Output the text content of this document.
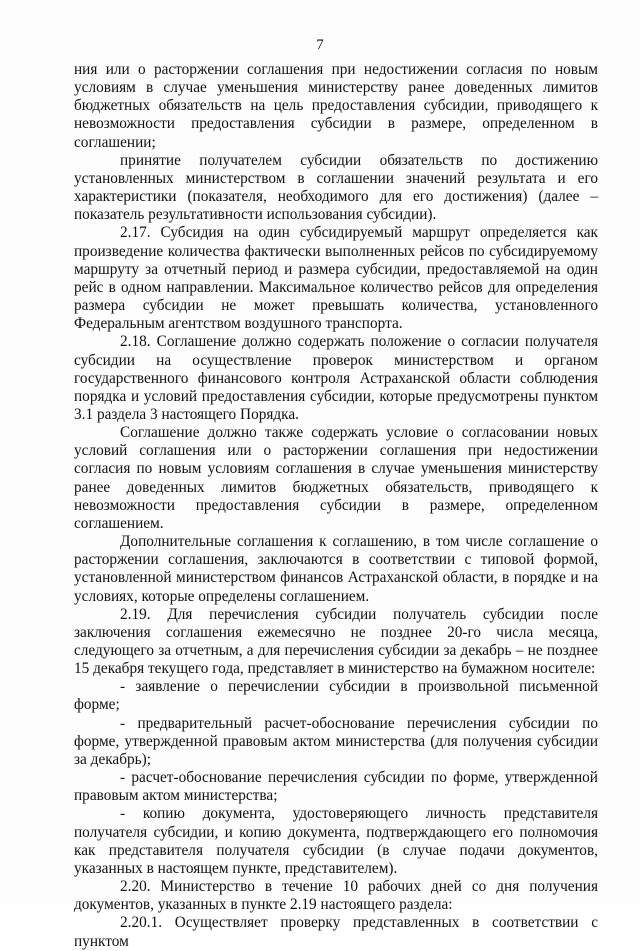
7

ния или о расторжении соглашения при недостижении согласия по новым условиям в случае уменьшения министерству ранее доведенных лимитов бюджетных обязательств на цель предоставления субсидии, приводящего к невозможности предоставления субсидии в размере, определенном в соглашении;

принятие получателем субсидии обязательств по достижению установленных министерством в соглашении значений результата и его характеристики (показателя, необходимого для его достижения) (далее – показатель результативности использования субсидии).

2.17. Субсидия на один субсидируемый маршрут определяется как произведение количества фактически выполненных рейсов по субсидируемому маршруту за отчетный период и размера субсидии, предоставляемой на один рейс в одном направлении. Максимальное количество рейсов для определения размера субсидии не может превышать количества, установленного Федеральным агентством воздушного транспорта.

2.18. Соглашение должно содержать положение о согласии получателя субсидии на осуществление проверок министерством и органом государственного финансового контроля Астраханской области соблюдения порядка и условий предоставления субсидии, которые предусмотрены пунктом 3.1 раздела 3 настоящего Порядка.

Соглашение должно также содержать условие о согласовании новых условий соглашения или о расторжении соглашения при недостижении согласия по новым условиям соглашения в случае уменьшения министерству ранее доведенных лимитов бюджетных обязательств, приводящего к невозможности предоставления субсидии в размере, определенном соглашением.

Дополнительные соглашения к соглашению, в том числе соглашение о расторжении соглашения, заключаются в соответствии с типовой формой, установленной министерством финансов Астраханской области, в порядке и на условиях, которые определены соглашением.

2.19. Для перечисления субсидии получатель субсидии после заключения соглашения ежемесячно не позднее 20-го числа месяца, следующего за отчетным, а для перечисления субсидии за декабрь – не позднее 15 декабря текущего года, представляет в министерство на бумажном носителе:

- заявление о перечислении субсидии в произвольной письменной форме;

- предварительный расчет-обоснование перечисления субсидии по форме, утвержденной правовым актом министерства (для получения субсидии за декабрь);

- расчет-обоснование перечисления субсидии по форме, утвержденной правовым актом министерства;

- копию документа, удостоверяющего личность представителя получателя субсидии, и копию документа, подтверждающего его полномочия как представителя получателя субсидии (в случае подачи документов, указанных в настоящем пункте, представителем).

2.20. Министерство в течение 10 рабочих дней со дня получения документов, указанных в пункте 2.19 настоящего раздела:

2.20.1. Осуществляет проверку представленных в соответствии с пунктом
